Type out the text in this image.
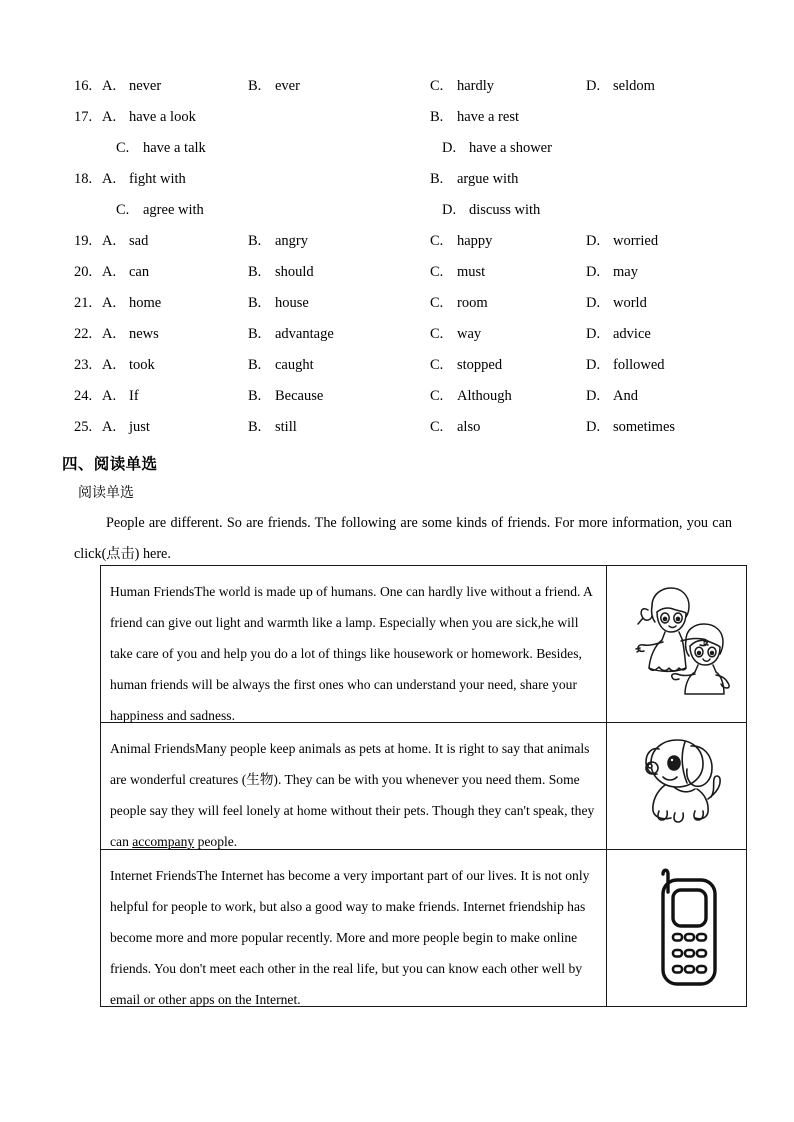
16. A. never	B. ever	C. hardly	D. seldom
17. A. have a look	B. have a rest
C. have a talk	D. have a shower
18. A. fight with	B. argue with
C. agree with	D. discuss with
19. A. sad	B. angry	C. happy	D. worried
20. A. can	B. should	C. must	D. may
21. A. home	B. house	C. room	D. world
22. A. news	B. advantage	C. way	D. advice
23. A. took	B. caught	C. stopped	D. followed
24. A. If	B. Because	C. Although	D. And
25. A. just	B. still	C. also	D. sometimes
四、阅读单选
阅读单选
People are different. So are friends. The following are some kinds of friends. For more information, you can click(点击) here.
Human FriendsThe world is made up of humans. One can hardly live without a friend. A friend can give out light and warmth like a lamp. Especially when you are sick,he will take care of you and help you do a lot of things like housework or homework. Besides, human friends will be always the first ones who can understand your need, share your happiness and sadness.

Animal FriendsMany people keep animals as pets at home. It is right to say that animals are wonderful creatures (生物). They can be with you whenever you need them. Some people say they will feel lonely at home without their pets. Though they can't speak, they can accompany people.

Internet FriendsThe Internet has become a very important part of our lives. It is not only helpful for people to work, but also a good way to make friends. Internet friendship has become more and more popular recently. More and more people begin to make online friends. You don't meet each other in the real life, but you can know each other well by email or other apps on the Internet.
